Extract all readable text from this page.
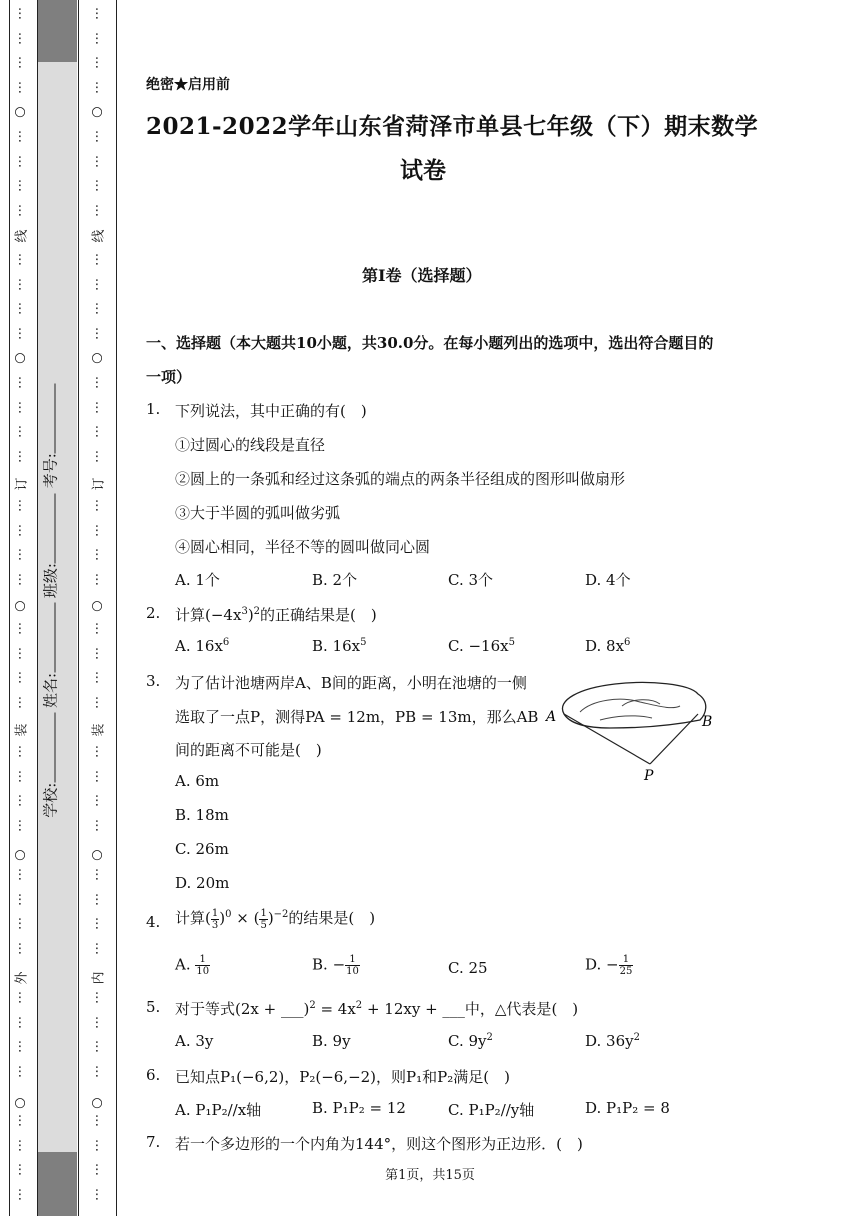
⋮
⋮
⋮
⋮
⋮
⋮
⋮
⋮
⋮
⋮
⋮
⋮
⋮
⋮
⋮
⋮
⋮
⋮
⋮
⋮
⋮
⋮
⋮
⋮
⋮
⋮
⋮
⋮
⋮
⋮
⋮
⋮
⋮
⋮
⋮
⋮
⋮
⋮
⋮
⋮
○
○
○
○
○
线
订
装
外
⋮
⋮
⋮
⋮
⋮
⋮
⋮
⋮
⋮
⋮
⋮
⋮
⋮
⋮
⋮
⋮
⋮
⋮
⋮
⋮
⋮
⋮
⋮
⋮
⋮
⋮
⋮
⋮
⋮
⋮
⋮
⋮
⋮
⋮
⋮
⋮
⋮
⋮
⋮
⋮
○
○
○
○
○
线
订
装
内
学校: 姓名: 班级: 考号:
绝密★启用前
2021-2022学年山东省菏泽市单县七年级（下）期末数学
试卷
第I卷（选择题）
一、选择题（本大题共10小题，共30.0分。在每小题列出的选项中，选出符合题目的
一项）
1. 下列说法，其中正确的有(　)
①过圆心的线段是直径
②圆上的一条弧和经过这条弧的端点的两条半径组成的图形叫做扇形
③大于半圆的弧叫做劣弧
④圆心相同，半径不等的圆叫做同心圆
A. 1个	B. 2个	C. 3个	D. 4个
2. 计算$(-4x^3)^2$的正确结果是(　)
A. $16x^6$	B. $16x^5$	C. $-16x^5$	D. $8x^6$
3. 为了估计池塘两岸A、B间的距离，小明在池塘的一侧
选取了一点P，测得PA = 12m，PB = 13m，那么AB
间的距离不可能是(　)
A	B
P
A. 6m
B. 18m
C. 26m
D. 20m
4. 计算( $\frac{1}{3} )^0$ × ( $\frac{1}{5} )^{-2}$的结果是(　)
A. $\frac{1}{10}$	B. − $\frac{1}{10}$	C. 25	D. − $\frac{1}{25}$
5. 对于等式(2x + ___)$^2$ = $4x^2 + 12xy$ + ___中，△代表是(　)
A. 3y	B. 9y	C. $9y^2$	D. $36y^2$
6. 已知点P₁(−6,2)，P₂(−6,−2)，则P₁和P₂满足(　)
A. P₁P₂//x轴	B. P₁P₂ = 12	C. P₁P₂//y轴	D. P₁P₂ = 8
7. 若一个多边形的一个内角为144°，则这个图形为正边形．(　)
第1页，共15页
